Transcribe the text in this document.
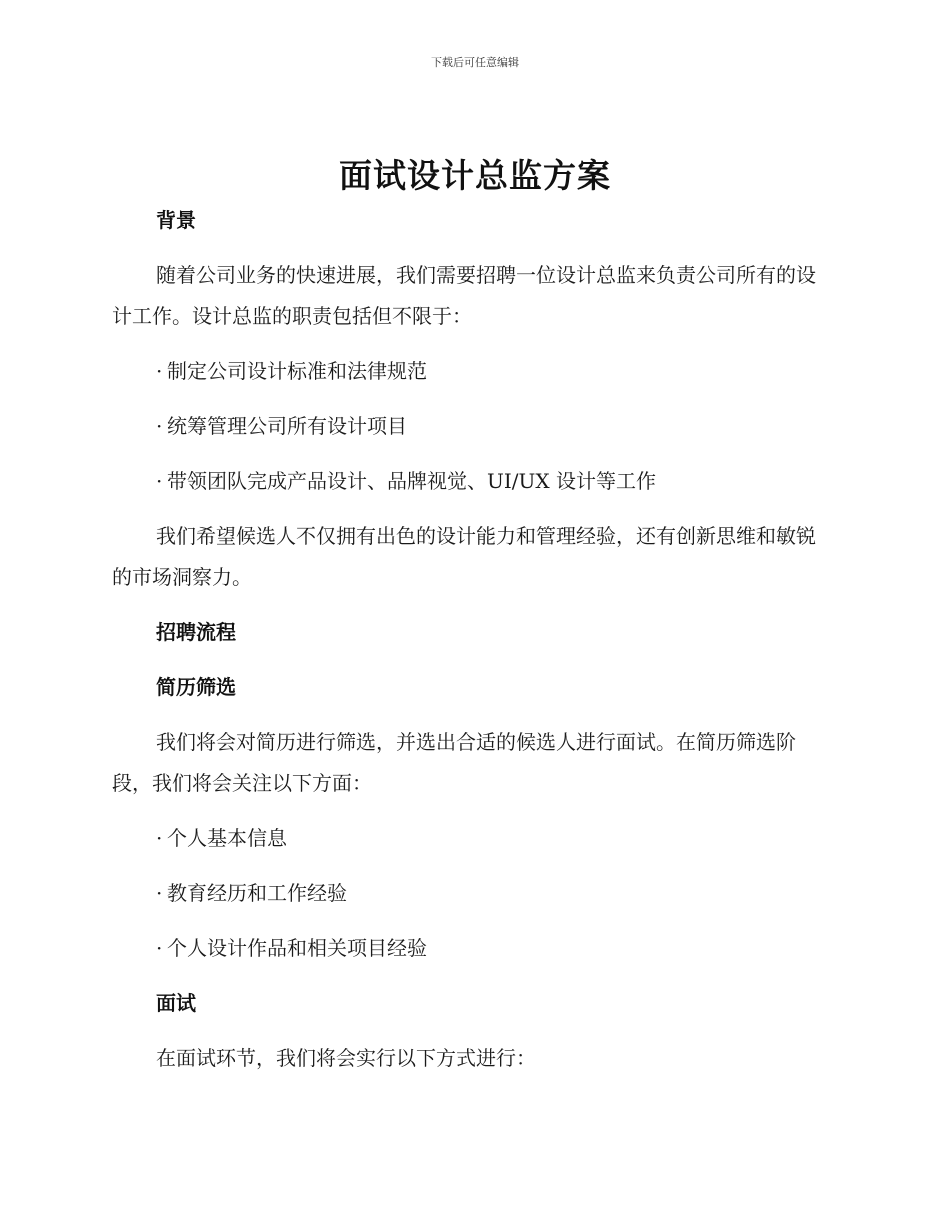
下载后可任意编辑
面试设计总监方案
背景
随着公司业务的快速进展，我们需要招聘一位设计总监来负责公司所有的设计工作。设计总监的职责包括但不限于：
· 制定公司设计标准和法律规范
· 统筹管理公司所有设计项目
· 带领团队完成产品设计、品牌视觉、UI/UX 设计等工作
我们希望候选人不仅拥有出色的设计能力和管理经验，还有创新思维和敏锐的市场洞察力。
招聘流程
简历筛选
我们将会对简历进行筛选，并选出合适的候选人进行面试。在简历筛选阶段，我们将会关注以下方面：
· 个人基本信息
· 教育经历和工作经验
· 个人设计作品和相关项目经验
面试
在面试环节，我们将会实行以下方式进行：
